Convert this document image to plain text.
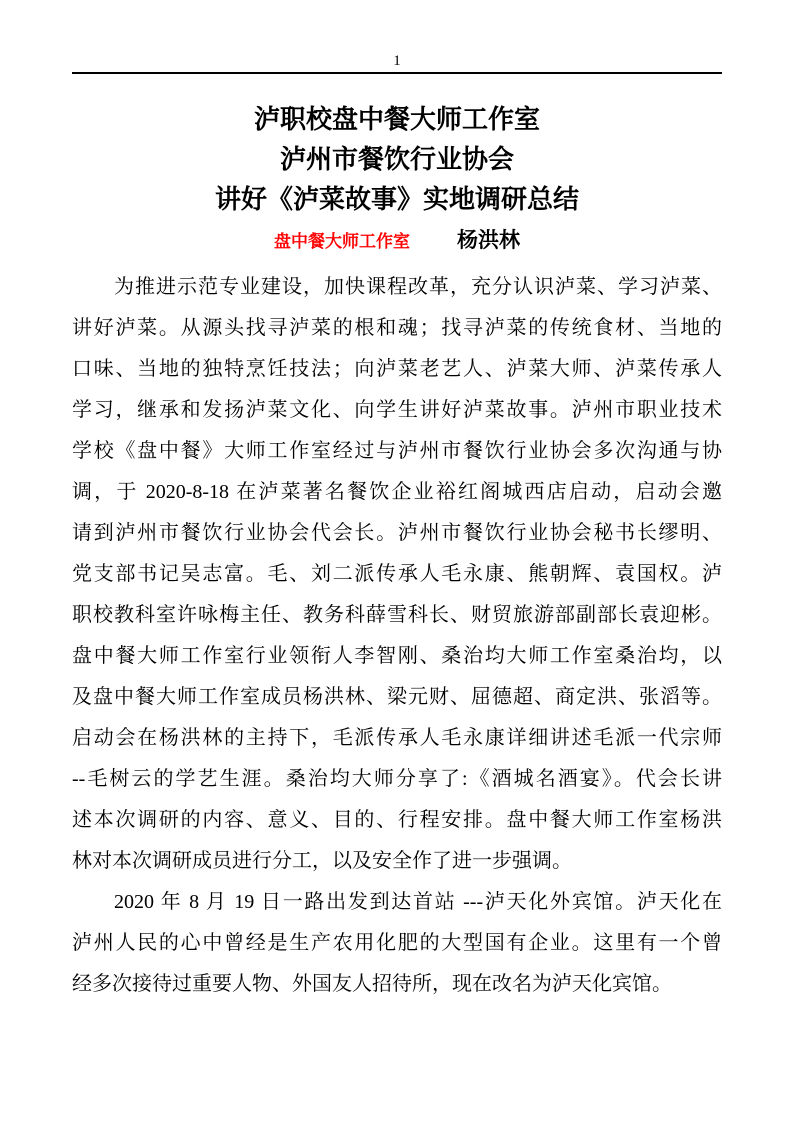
1
泸职校盘中餐大师工作室
泸州市餐饮行业协会
讲好《泸菜故事》实地调研总结
盘中餐大师工作室 杨洪林
为推进示范专业建设，加快课程改革，充分认识泸菜、学习泸菜、
讲好泸菜。从源头找寻泸菜的根和魂；找寻泸菜的传统食材、当地的
口味、当地的独特烹饪技法；向泸菜老艺人、泸菜大师、泸菜传承人
学习，继承和发扬泸菜文化、向学生讲好泸菜故事。泸州市职业技术
学校《盘中餐》大师工作室经过与泸州市餐饮行业协会多次沟通与协
调，于 2020-8-18 在泸菜著名餐饮企业裕红阁城西店启动，启动会邀
请到泸州市餐饮行业协会代会长。泸州市餐饮行业协会秘书长缪明、
党支部书记吴志富。毛、刘二派传承人毛永康、熊朝辉、袁国权。泸
职校教科室许咏梅主任、教务科薛雪科长、财贸旅游部副部长袁迎彬。
盘中餐大师工作室行业领衔人李智刚、桑治均大师工作室桑治均，以
及盘中餐大师工作室成员杨洪林、梁元财、屈德超、商定洪、张滔等。
启动会在杨洪林的主持下，毛派传承人毛永康详细讲述毛派一代宗师
--毛树云的学艺生涯。桑治均大师分享了:《酒城名酒宴》。代会长讲
述本次调研的内容、意义、目的、行程安排。盘中餐大师工作室杨洪
林对本次调研成员进行分工，以及安全作了进一步强调。
2020 年 8 月 19 日一路出发到达首站 ---泸天化外宾馆。泸天化在
泸州人民的心中曾经是生产农用化肥的大型国有企业。这里有一个曾
经多次接待过重要人物、外国友人招待所，现在改名为泸天化宾馆。
